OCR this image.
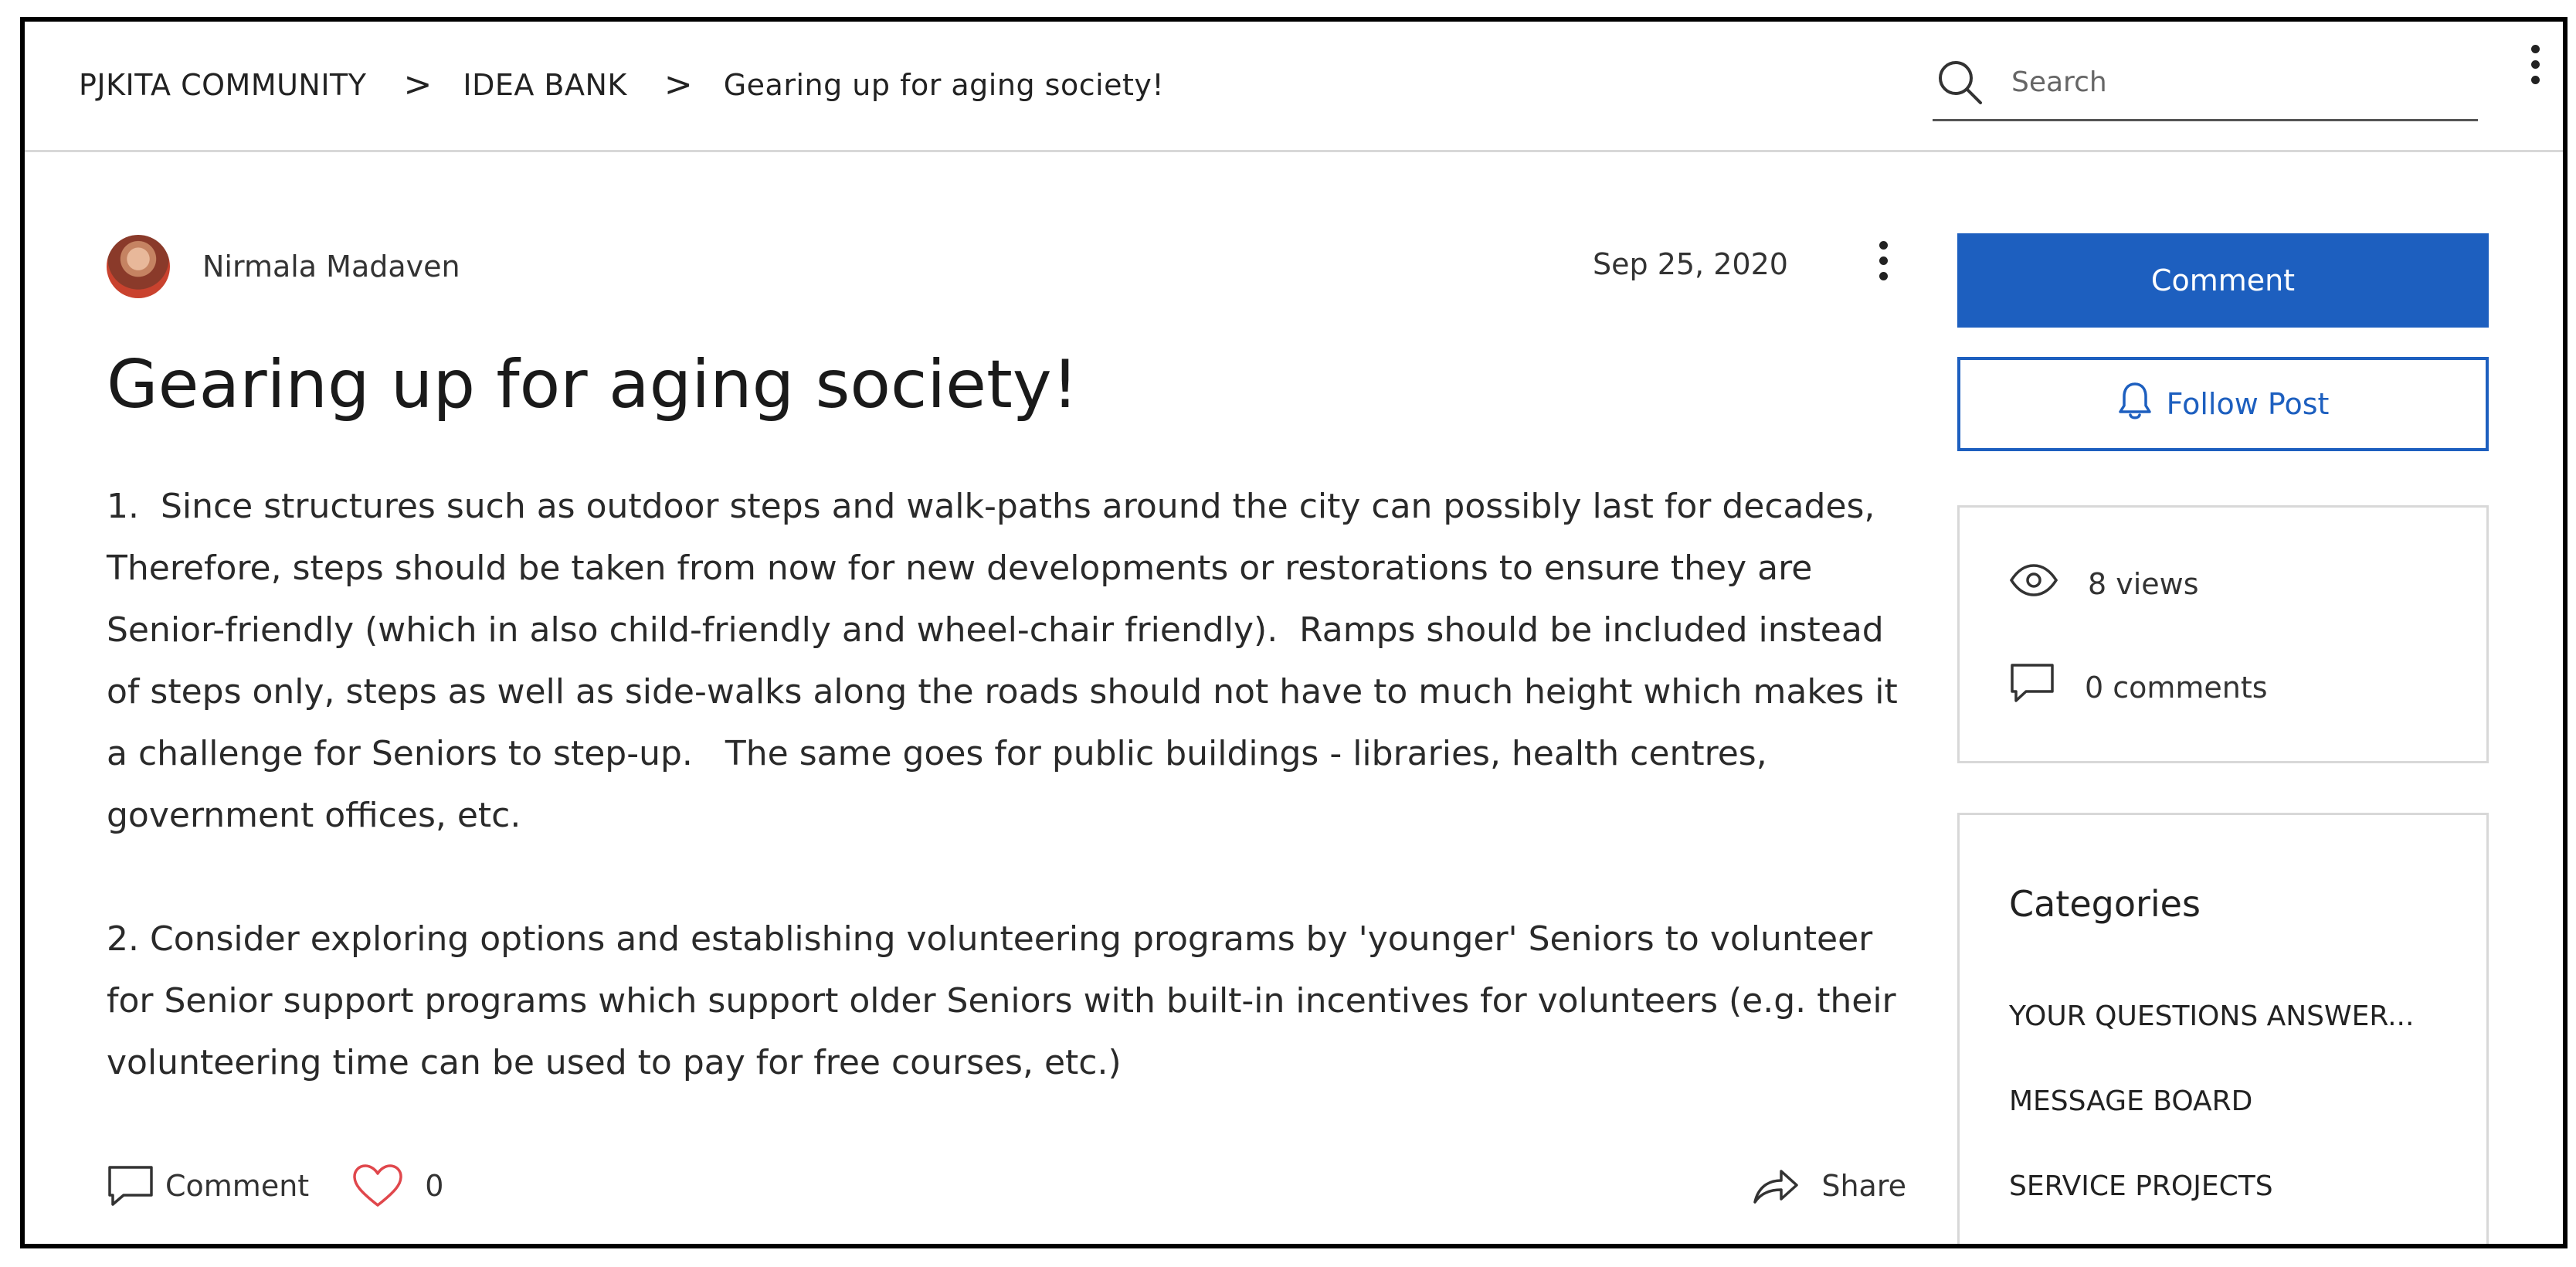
PJKITA COMMUNITY > IDEA BANK > Gearing up for aging society!
Search
Nirmala Madaven	Sep 25, 2020
Gearing up for aging society!

1.  Since structures such as outdoor steps and walk-paths around the city can possibly last for decades, Therefore, steps should be taken from now for new developments or restorations to ensure they are Senior-friendly (which in also child-friendly and wheel-chair friendly).  Ramps should be included instead of steps only, steps as well as side-walks along the roads should not have to much height which makes it a challenge for Seniors to step-up.   The same goes for public buildings - libraries, health centres, government offices, etc.

2. Consider exploring options and establishing volunteering programs by 'younger' Seniors to volunteer for Senior support programs which support older Seniors with built-in incentives for volunteers (e.g. their volunteering time can be used to pay for free courses, etc.)

Comment	0	Share
Comment
Follow Post
8 views
0 comments
Categories
YOUR QUESTIONS ANSWER...
MESSAGE BOARD
SERVICE PROJECTS
